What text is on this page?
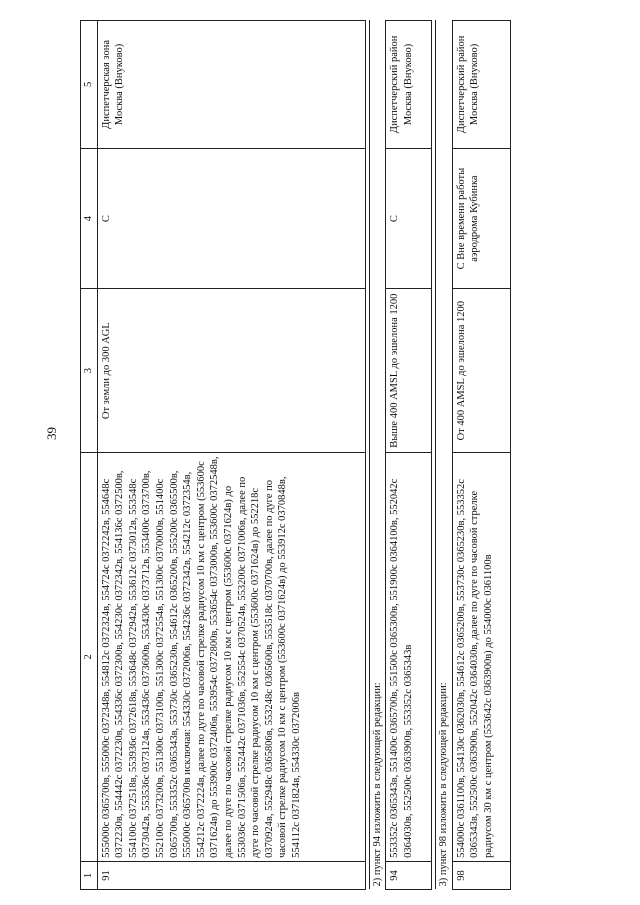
39
1	2	3	4	5
91	555000с 0365700в, 555000с 0372348в, 554812с 0372324в, 554724с 0372242в, 554648с 0372230в, 554442с 0372230в, 554336с 0372300в, 554230с 0372342в, 554136с 0372500в, 554100с 0372518в, 553936с 0372618в, 553648с 0372942в, 553612с 0373012в, 553548с 0373042в, 553536с 0373124в, 553436с 0373600в, 553430с 0373712в, 553400с 0373700в, 552100с 0373200в, 551300с 0373100в, 551300с 0372554в, 551300с 0370000в, 551400с 0365700в, 553352с 0365343в, 553730с 0365230в, 554612с 0365200в, 555200с 0365500в, 555000с 0365700в исключая: 554330с 0372006в, 554236с 0372342в, 554212с 0372354в, 554212с 0372224в, далее по дуге по часовой стрелке радиусом 10 км с центром (553600с 0371624в) до 553900с 0372406в, 553954с 0372800в, 553654с 0373000в, 553600с 0372548в, далее по дуге по часовой стрелке радиусом 10 км с центром (553600с 0371624в) до 553036с 0371506в, 552442с 0371036в, 552554с 0370524в, 553200с 0371006в, далее по дуге по часовой стрелке радиусом 10 км с центром (553600с 0371624в) до 552218с 0370924в, 552948с 0365806в, 553248с 0365600в, 553518с 0370700в, далее по дуге по часовой стрелке радиусом 10 км с центром (553600с 0371624в) до 553912с 0370848в, 554112с 0371824в, 554330с 0372006в	От земли до 300 AGL	С	Диспетчерская зона Москва (Внуково)

2) пункт 94 изложить в следующей редакции:				
94	553352с 0365343в, 551400с 0365700в, 551500с 0365300в, 551900с 0364100в, 552042с 0364030в, 552500с 0363900в, 553352с 0365343в	Выше 400 AMSL до эшелона 1200	С	Диспетчерский район Москва (Внуково)

3) пункт 98 изложить в следующей редакции:				
98	554000с 0361100в, 554130с 0362030в, 554612с 0365200в, 553730с 0365230в, 553352с 0365343в, 552500с 0363900в, 552042с 0364030в, далее по дуге по часовой стрелке радиусом 30 км с центром (553642с 0363900в) до 554000с 0361100в	От 400 AMSL до эшелона 1200	С Вне времени работы аэродрома Кубинка	Диспетчерский район Москва (Внуково)
